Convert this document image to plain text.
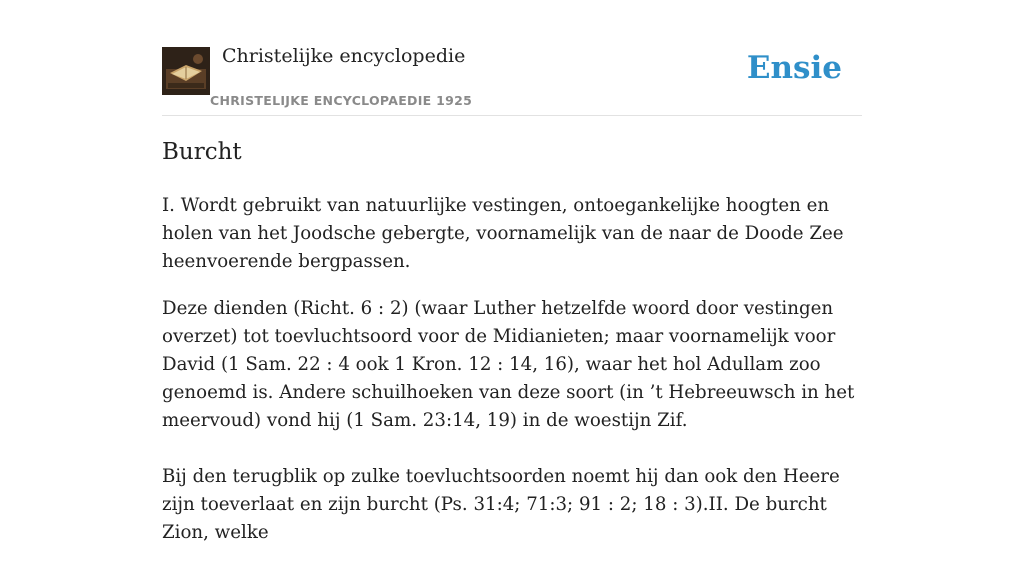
Christelijke encyclopedie
CHRISTELIJKE ENCYCLOPAEDIE 1925
Ensie
Burcht

I. Wordt gebruikt van natuurlijke vestingen, ontoegankelijke hoogten en holen van het Joodsche gebergte, voornamelijk van de naar de Doode Zee heenvoerende bergpassen.

Deze dienden (Richt. 6 : 2) (waar Luther hetzelfde woord door vestingen overzet) tot toevluchtsoord voor de Midianieten; maar voornamelijk voor David (1 Sam. 22 : 4 ook 1 Kron. 12 : 14, 16), waar het hol Adullam zoo genoemd is. Andere schuilhoeken van deze soort (in ’t Hebreeuwsch in het meervoud) vond hij (1 Sam. 23:14, 19) in de woestijn Zif.

Bij den terugblik op zulke toevluchtsoorden noemt hij dan ook den Heere zijn toeverlaat en zijn burcht (Ps. 31:4; 71:3; 91 : 2; 18 : 3).II. De burcht Zion, welke
